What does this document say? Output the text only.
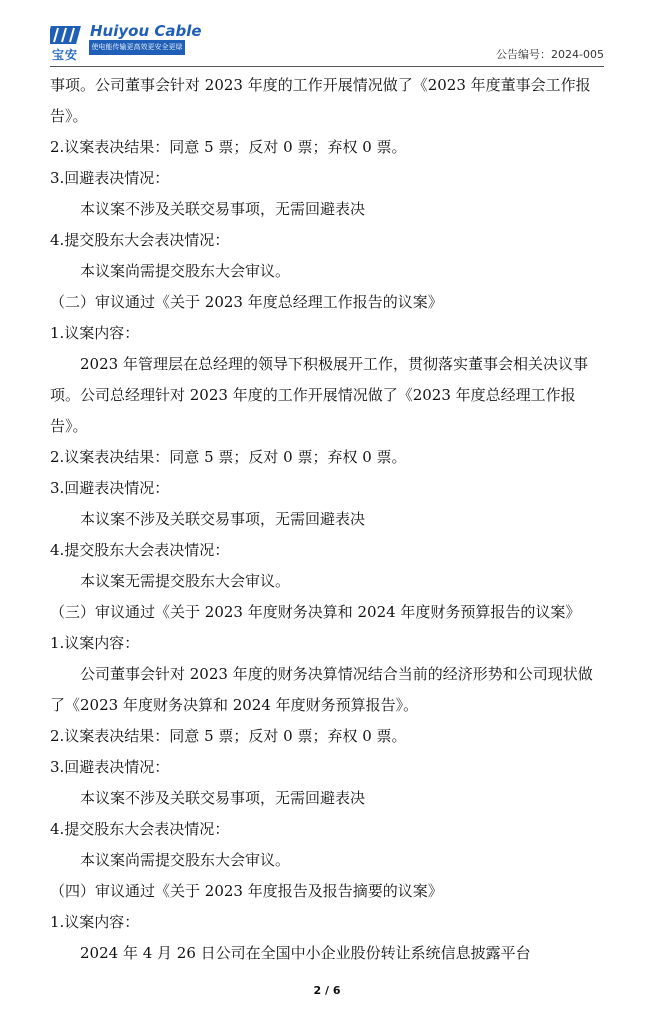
宝安
Huiyou Cable
使电能传输更高效更安全更绿色
公告编号：2024-005

事项。公司董事会针对 2023 年度的工作开展情况做了《2023 年度董事会工作报告》。

2.议案表决结果：同意 5 票；反对 0 票；弃权 0 票。

3.回避表决情况：

本议案不涉及关联交易事项，无需回避表决

4.提交股东大会表决情况：

本议案尚需提交股东大会审议。

（二）审议通过《关于 2023 年度总经理工作报告的议案》

1.议案内容：

2023 年管理层在总经理的领导下积极展开工作，贯彻落实董事会相关决议事项。公司总经理针对 2023 年度的工作开展情况做了《2023 年度总经理工作报告》。

2.议案表决结果：同意 5 票；反对 0 票；弃权 0 票。

3.回避表决情况：

本议案不涉及关联交易事项，无需回避表决

4.提交股东大会表决情况：

本议案无需提交股东大会审议。

（三）审议通过《关于 2023 年度财务决算和 2024 年度财务预算报告的议案》

1.议案内容：

公司董事会针对 2023 年度的财务决算情况结合当前的经济形势和公司现状做了《2023 年度财务决算和 2024 年度财务预算报告》。

2.议案表决结果：同意 5 票；反对 0 票；弃权 0 票。

3.回避表决情况：

本议案不涉及关联交易事项，无需回避表决

4.提交股东大会表决情况：

本议案尚需提交股东大会审议。

（四）审议通过《关于 2023 年度报告及报告摘要的议案》

1.议案内容：

2024 年 4 月 26 日公司在全国中小企业股份转让系统信息披露平台

2 / 6
